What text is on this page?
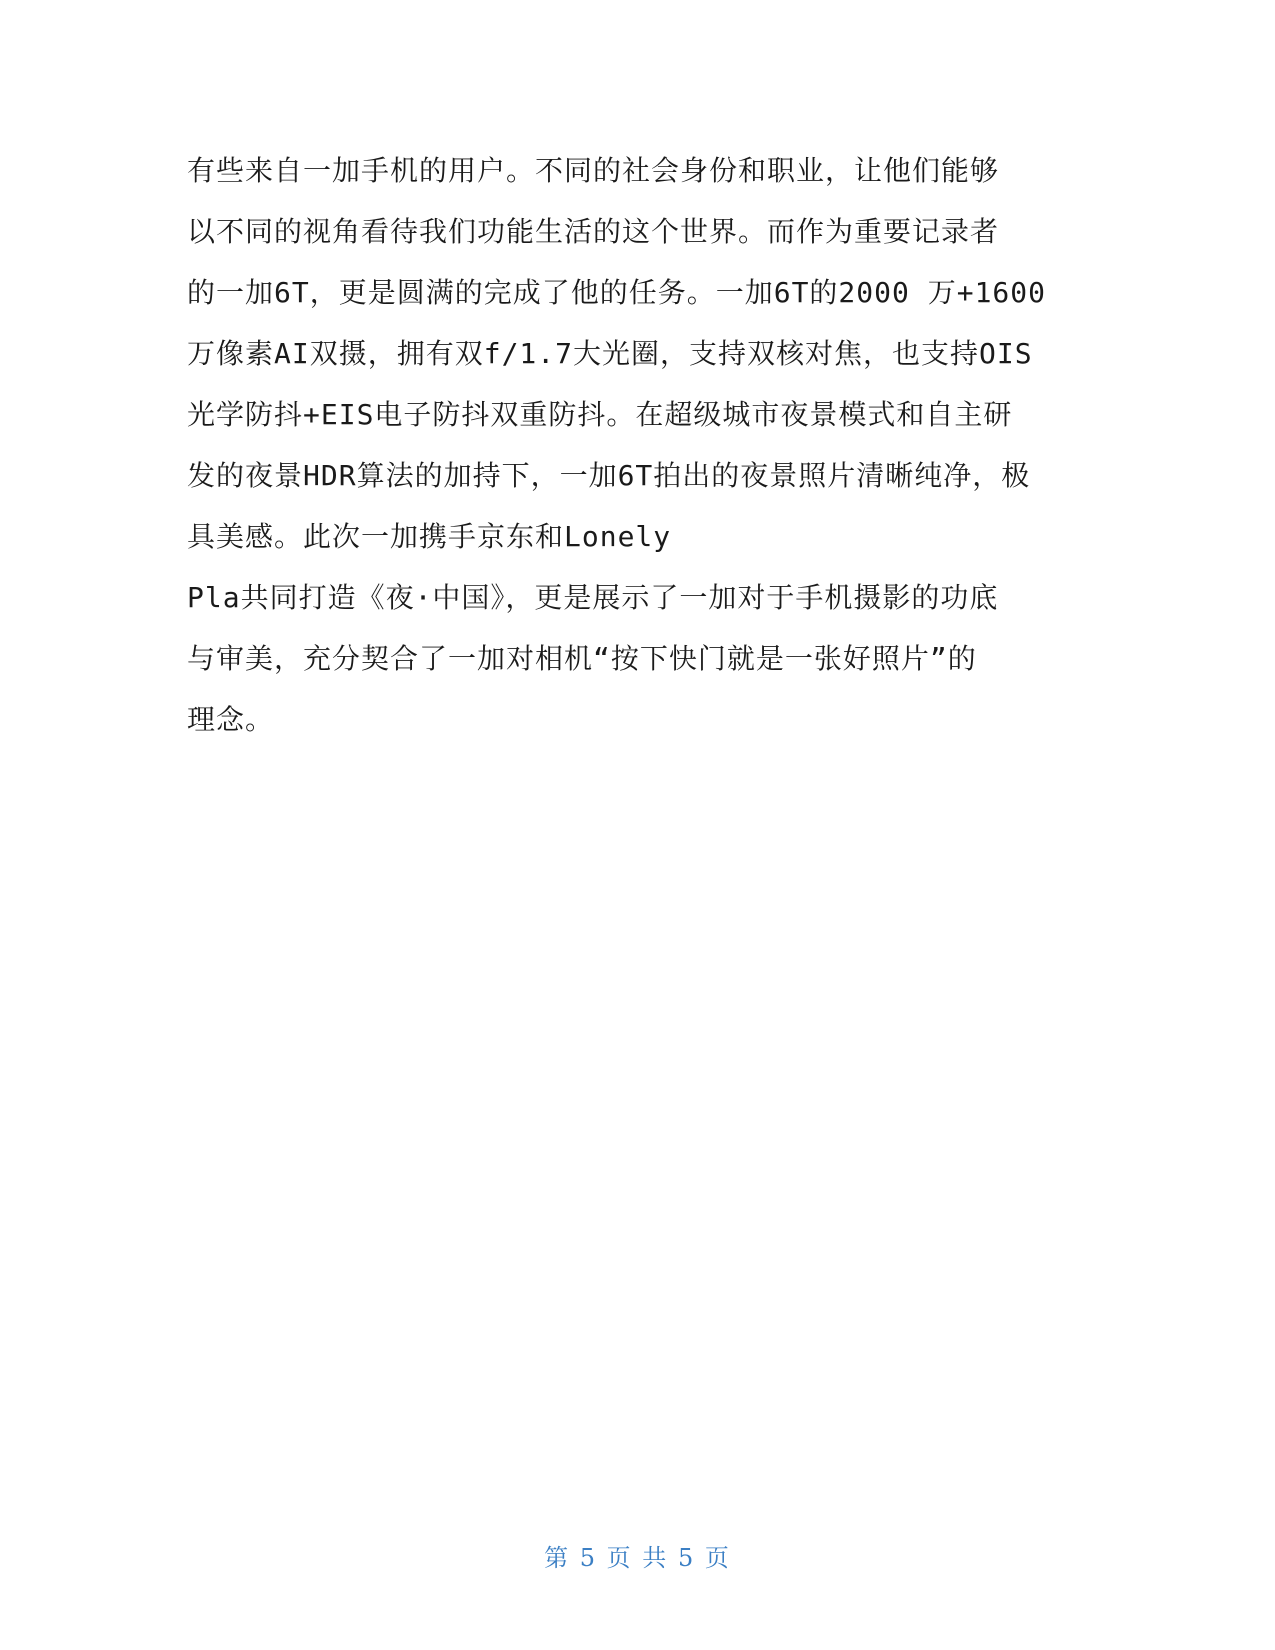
有些来自一加手机的用户。不同的社会身份和职业，让他们能够
以不同的视角看待我们功能生活的这个世界。而作为重要记录者
的一加6T，更是圆满的完成了他的任务。一加6T的2000 万+1600
万像素AI双摄，拥有双f/1.7大光圈，支持双核对焦，也支持OIS
光学防抖+EIS电子防抖双重防抖。在超级城市夜景模式和自主研
发的夜景HDR算法的加持下，一加6T拍出的夜景照片清晰纯净，极
具美感。此次一加携手京东和Lonely
Pla共同打造《夜·中国》，更是展示了一加对于手机摄影的功底
与审美，充分契合了一加对相机“按下快门就是一张好照片”的
理念。
第 5 页 共 5 页
